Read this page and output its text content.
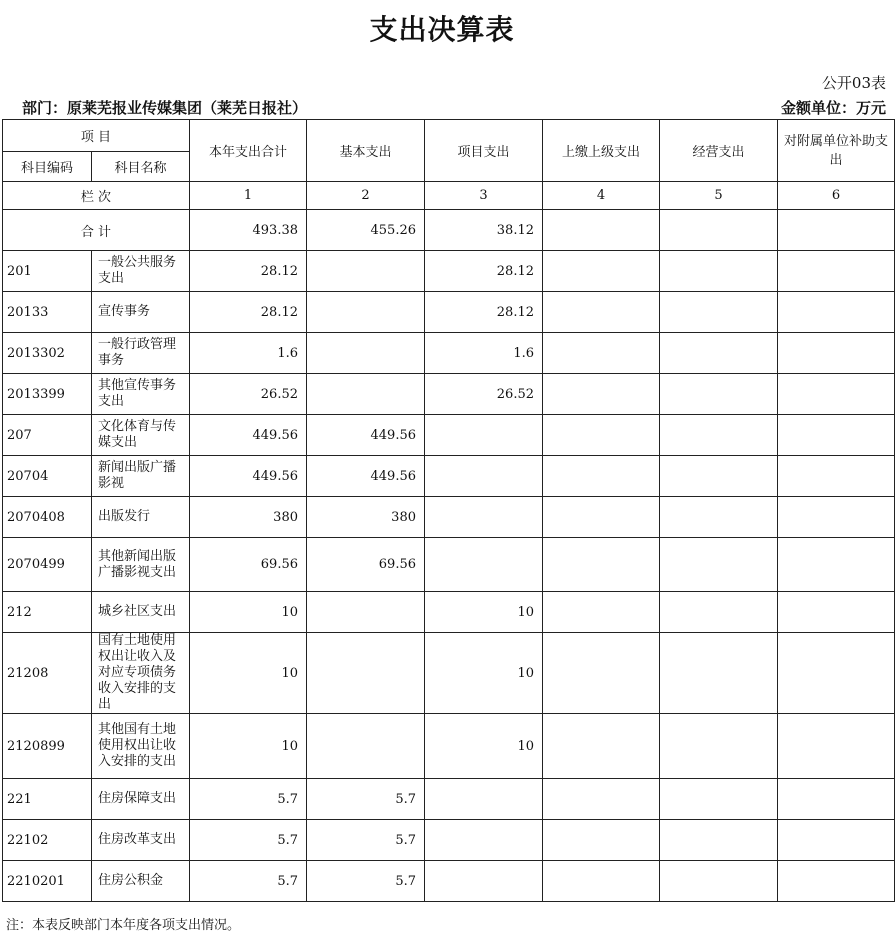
支出决算表
公开03表
部门：原莱芜报业传媒集团（莱芜日报社）	金额单位：万元
项 目		本年支出合计	基本支出	项目支出	上缴上级支出	经营支出	对附属单位补助支出
科目编码	科目名称						
栏 次		1	2	3	4	5	6
合 计		493.38	455.26	38.12			
201	一般公共服务支出	28.12		28.12			
20133	宣传事务	28.12		28.12			
2013302	一般行政管理事务	1.6		1.6			
2013399	其他宣传事务支出	26.52		26.52			
207	文化体育与传媒支出	449.56	449.56				
20704	新闻出版广播影视	449.56	449.56				
2070408	出版发行	380	380				
2070499	其他新闻出版广播影视支出	69.56	69.56				
212	城乡社区支出	10		10			
21208	国有土地使用权出让收入及对应专项债务收入安排的支出	10		10			
2120899	其他国有土地使用权出让收入安排的支出	10		10			
221	住房保障支出	5.7	5.7				
22102	住房改革支出	5.7	5.7				
2210201	住房公积金	5.7	5.7				
注：本表反映部门本年度各项支出情况。
